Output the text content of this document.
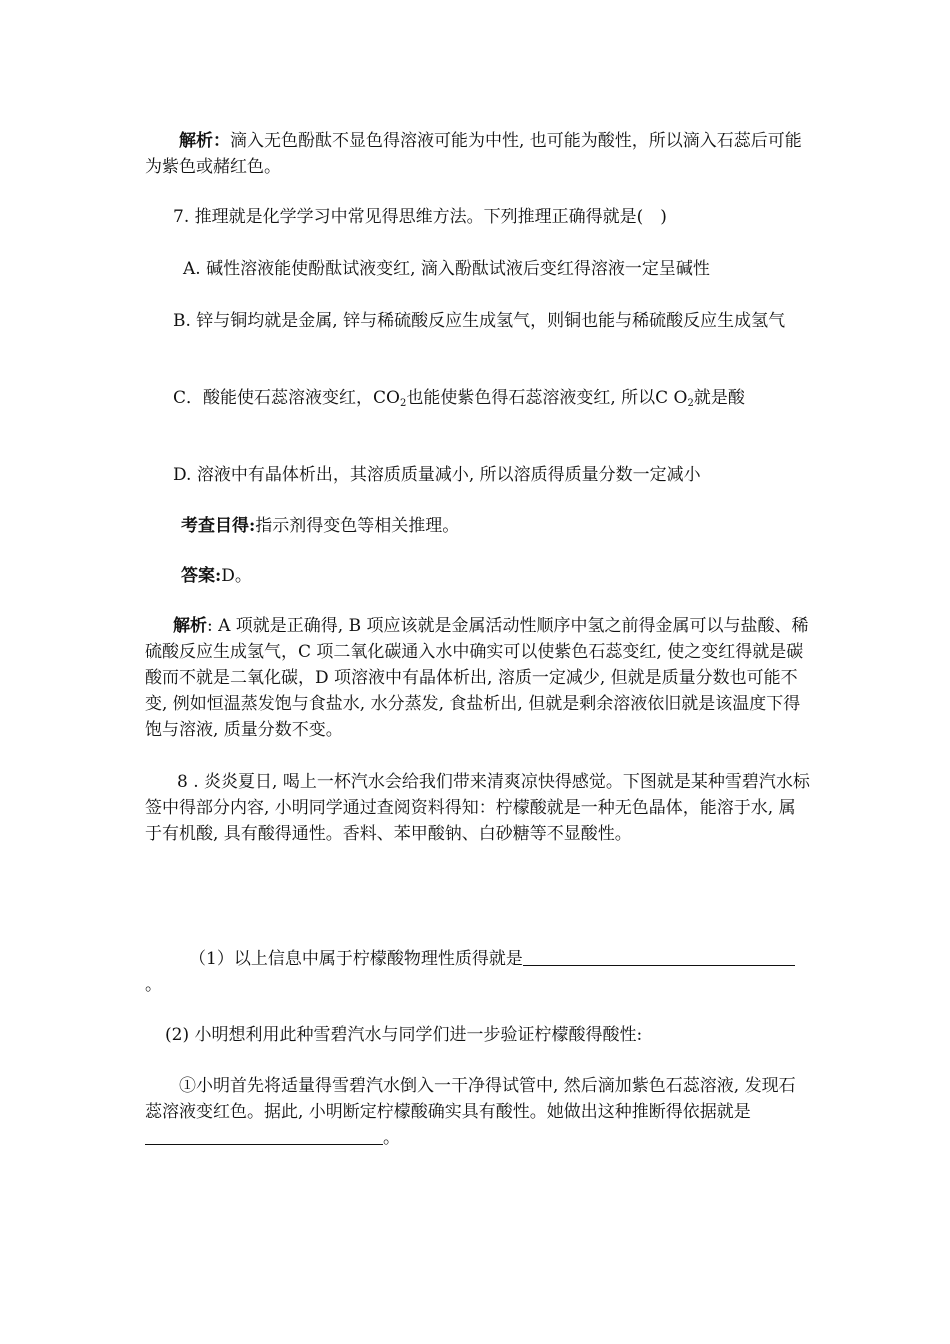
解析：滴入无色酚酞不显色得溶液可能为中性, 也可能为酸性，所以滴入石蕊后可能为紫色或赭红色。
7. 推理就是化学学习中常见得思维方法。下列推理正确得就是(　)
A. 碱性溶液能使酚酞试液变红, 滴入酚酞试液后变红得溶液一定呈碱性
B. 锌与铜均就是金属, 锌与稀硫酸反应生成氢气，则铜也能与稀硫酸反应生成氢气
C．酸能使石蕊溶液变红，$CO_2$也能使紫色得石蕊溶液变红, 所以C $O_2$就是酸
D. 溶液中有晶体析出，其溶质质量减小, 所以溶质得质量分数一定减小
考查目得:指示剂得变色等相关推理。
答案:D。
解析: A 项就是正确得, B 项应该就是金属活动性顺序中氢之前得金属可以与盐酸、稀硫酸反应生成氢气，C 项二氧化碳通入水中确实可以使紫色石蕊变红, 使之变红得就是碳酸而不就是二氧化碳，D 项溶液中有晶体析出, 溶质一定减少, 但就是质量分数也可能不变, 例如恒温蒸发饱与食盐水, 水分蒸发, 食盐析出, 但就是剩余溶液依旧就是该温度下得饱与溶液, 质量分数不变。
8 . 炎炎夏日, 喝上一杯汽水会给我们带来清爽凉快得感觉。下图就是某种雪碧汽水标签中得部分内容, 小明同学通过查阅资料得知：柠檬酸就是一种无色晶体，能溶于水, 属于有机酸, 具有酸得通性。香料、苯甲酸钠、白砂糖等不显酸性。
（1）以上信息中属于柠檬酸物理性质得就是
。
(2) 小明想利用此种雪碧汽水与同学们进一步验证柠檬酸得酸性:
①小明首先将适量得雪碧汽水倒入一干净得试管中, 然后滴加紫色石蕊溶液, 发现石蕊溶液变红色。据此, 小明断定柠檬酸确实具有酸性。她做出这种推断得依据就是。
